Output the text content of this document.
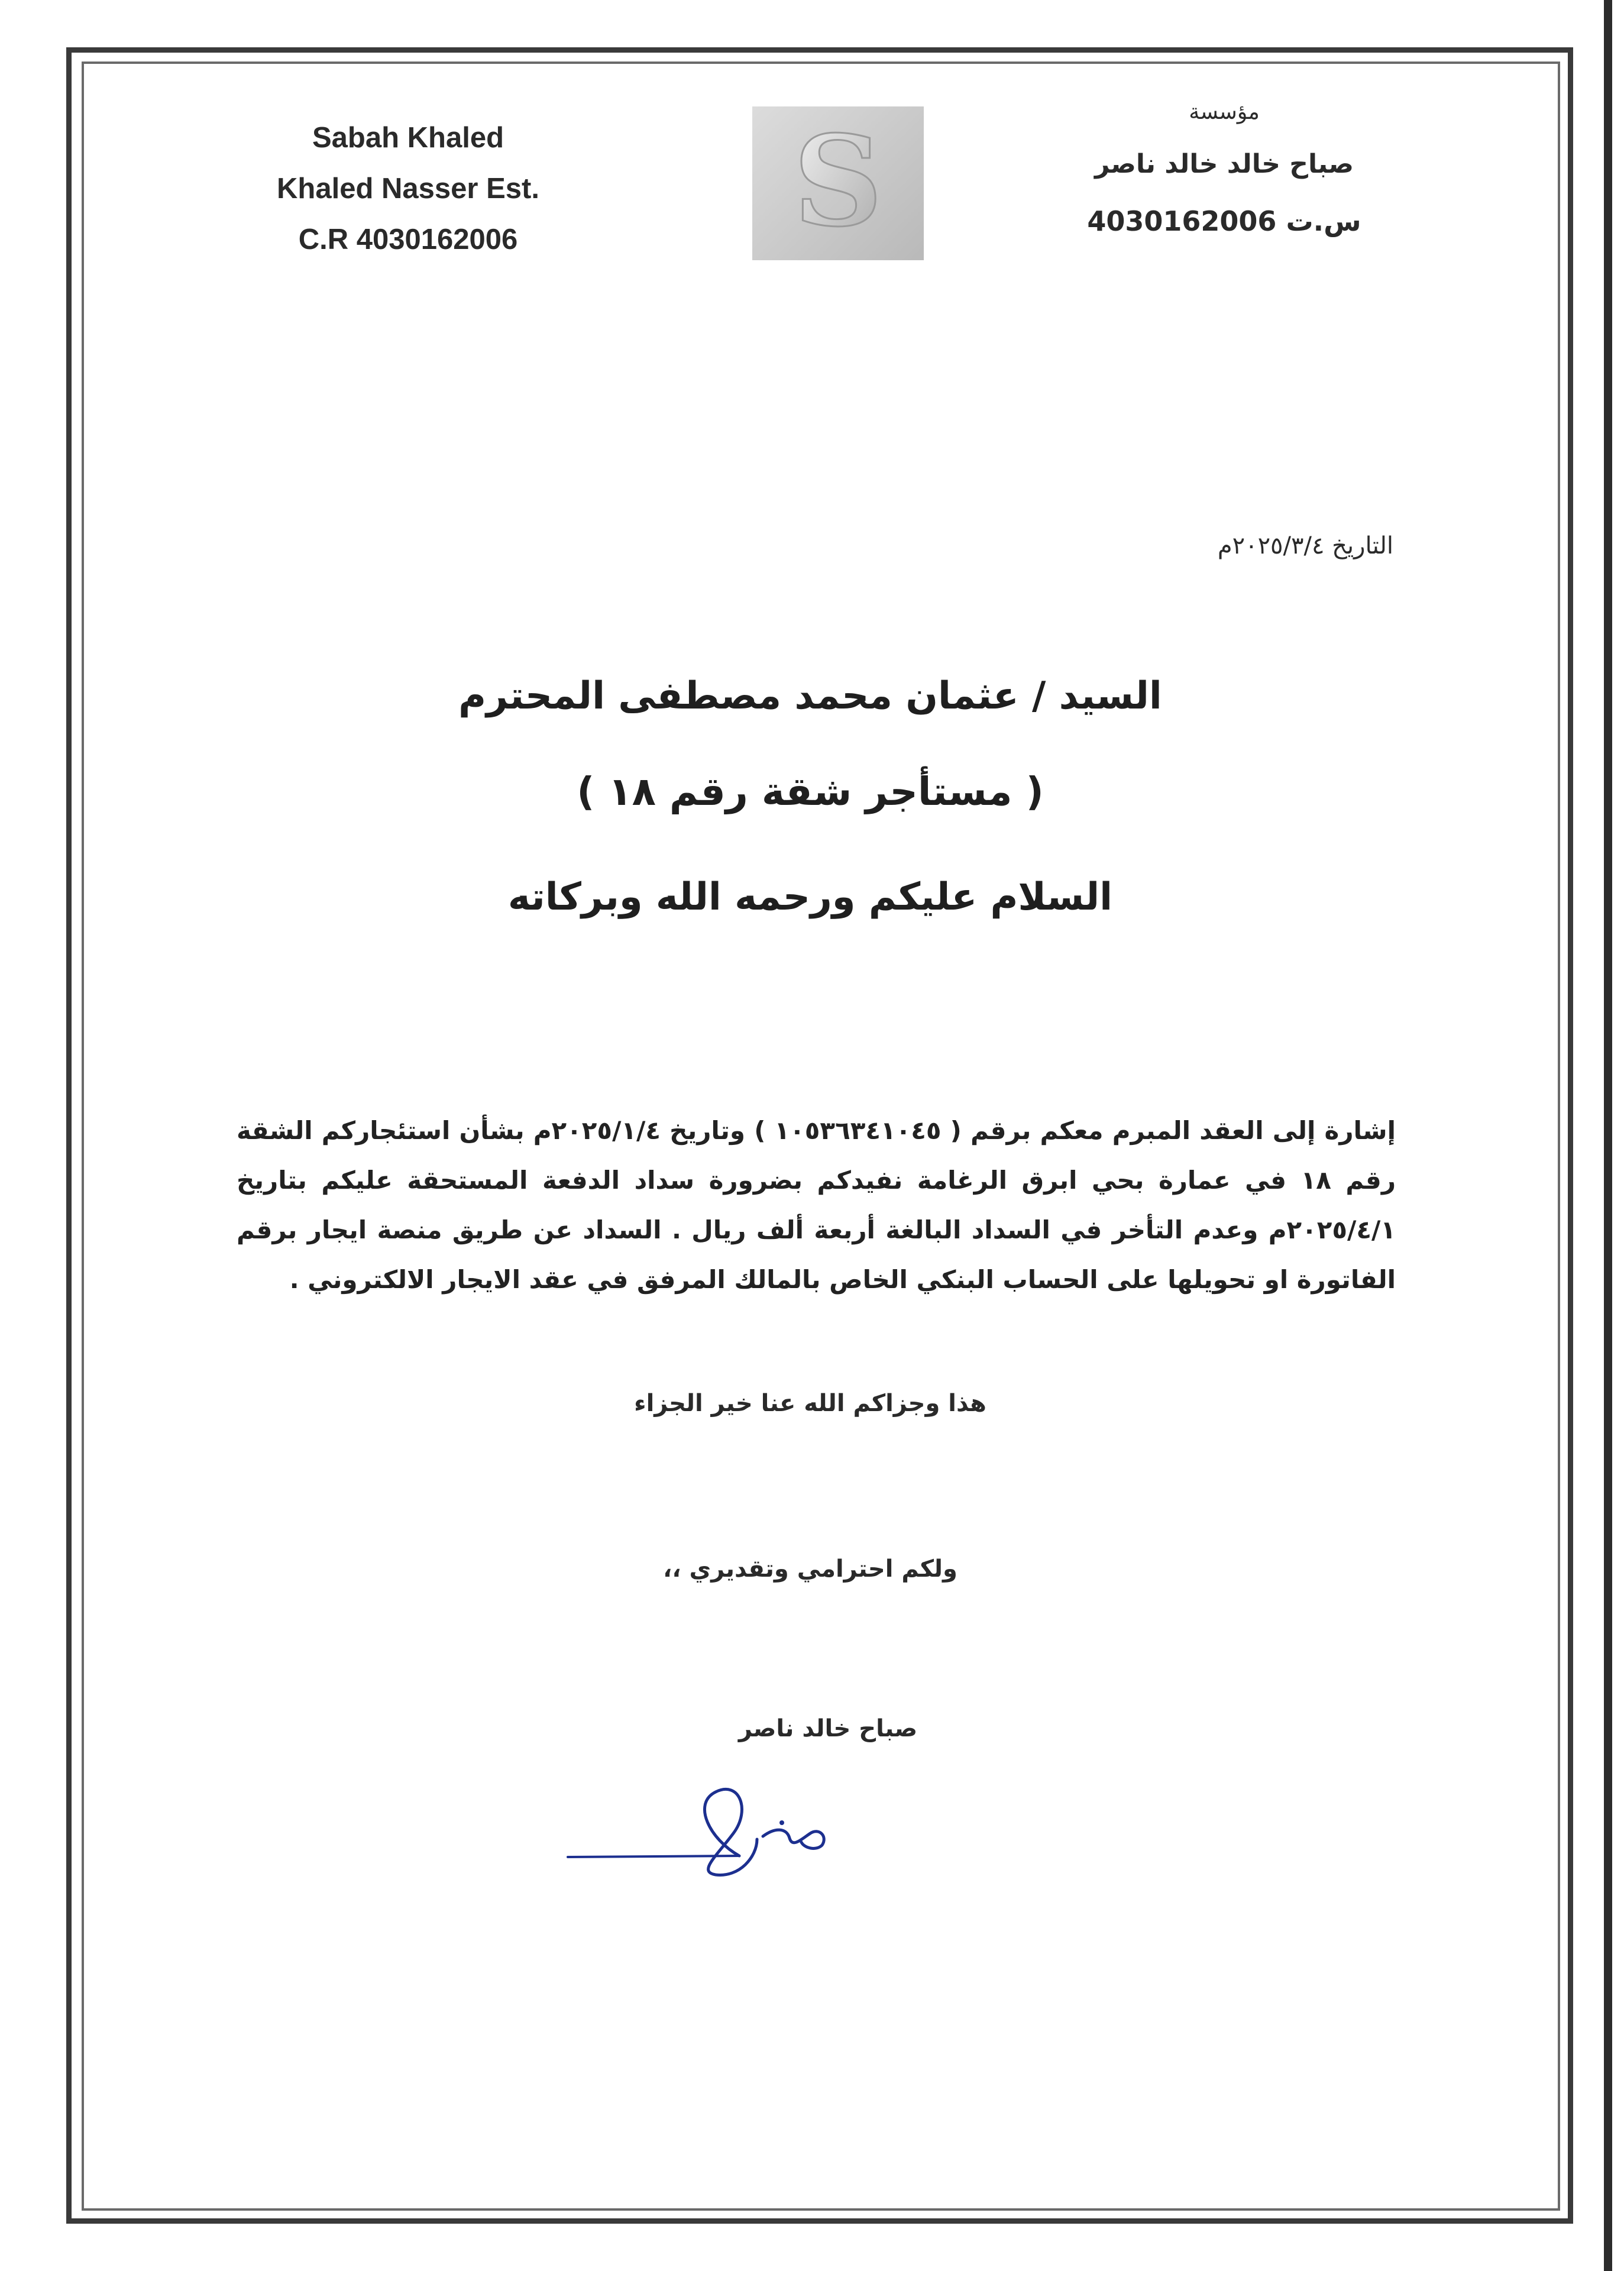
Sabah Khaled
Khaled Nasser Est.
C.R 4030162006	S	مؤسسة
صباح خالد خالد ناصر
س.ت 4030162006
التاريخ ٢٠٢٥/٣/٤م
السيد / عثمان محمد مصطفى المحترم
( مستأجر شقة رقم ١٨ )
السلام عليكم ورحمه الله وبركاته
إشارة إلى العقد المبرم معكم برقم ( ١٠٥٣٦٣٤١٠٤٥ ) وتاريخ ٢٠٢٥/١/٤م بشأن استئجاركم الشقة رقم ١٨ في عمارة بحي ابرق الرغامة نفيدكم بضرورة سداد الدفعة المستحقة عليكم بتاريخ ٢٠٢٥/٤/١م وعدم التأخر في السداد البالغة أربعة ألف ريال . السداد عن طريق منصة ايجار برقم الفاتورة او تحويلها على الحساب البنكي الخاص بالمالك المرفق في عقد الايجار الالكتروني .
هذا وجزاكم الله عنا خير الجزاء
ولكم احترامي وتقديري ،،
صباح خالد ناصر
